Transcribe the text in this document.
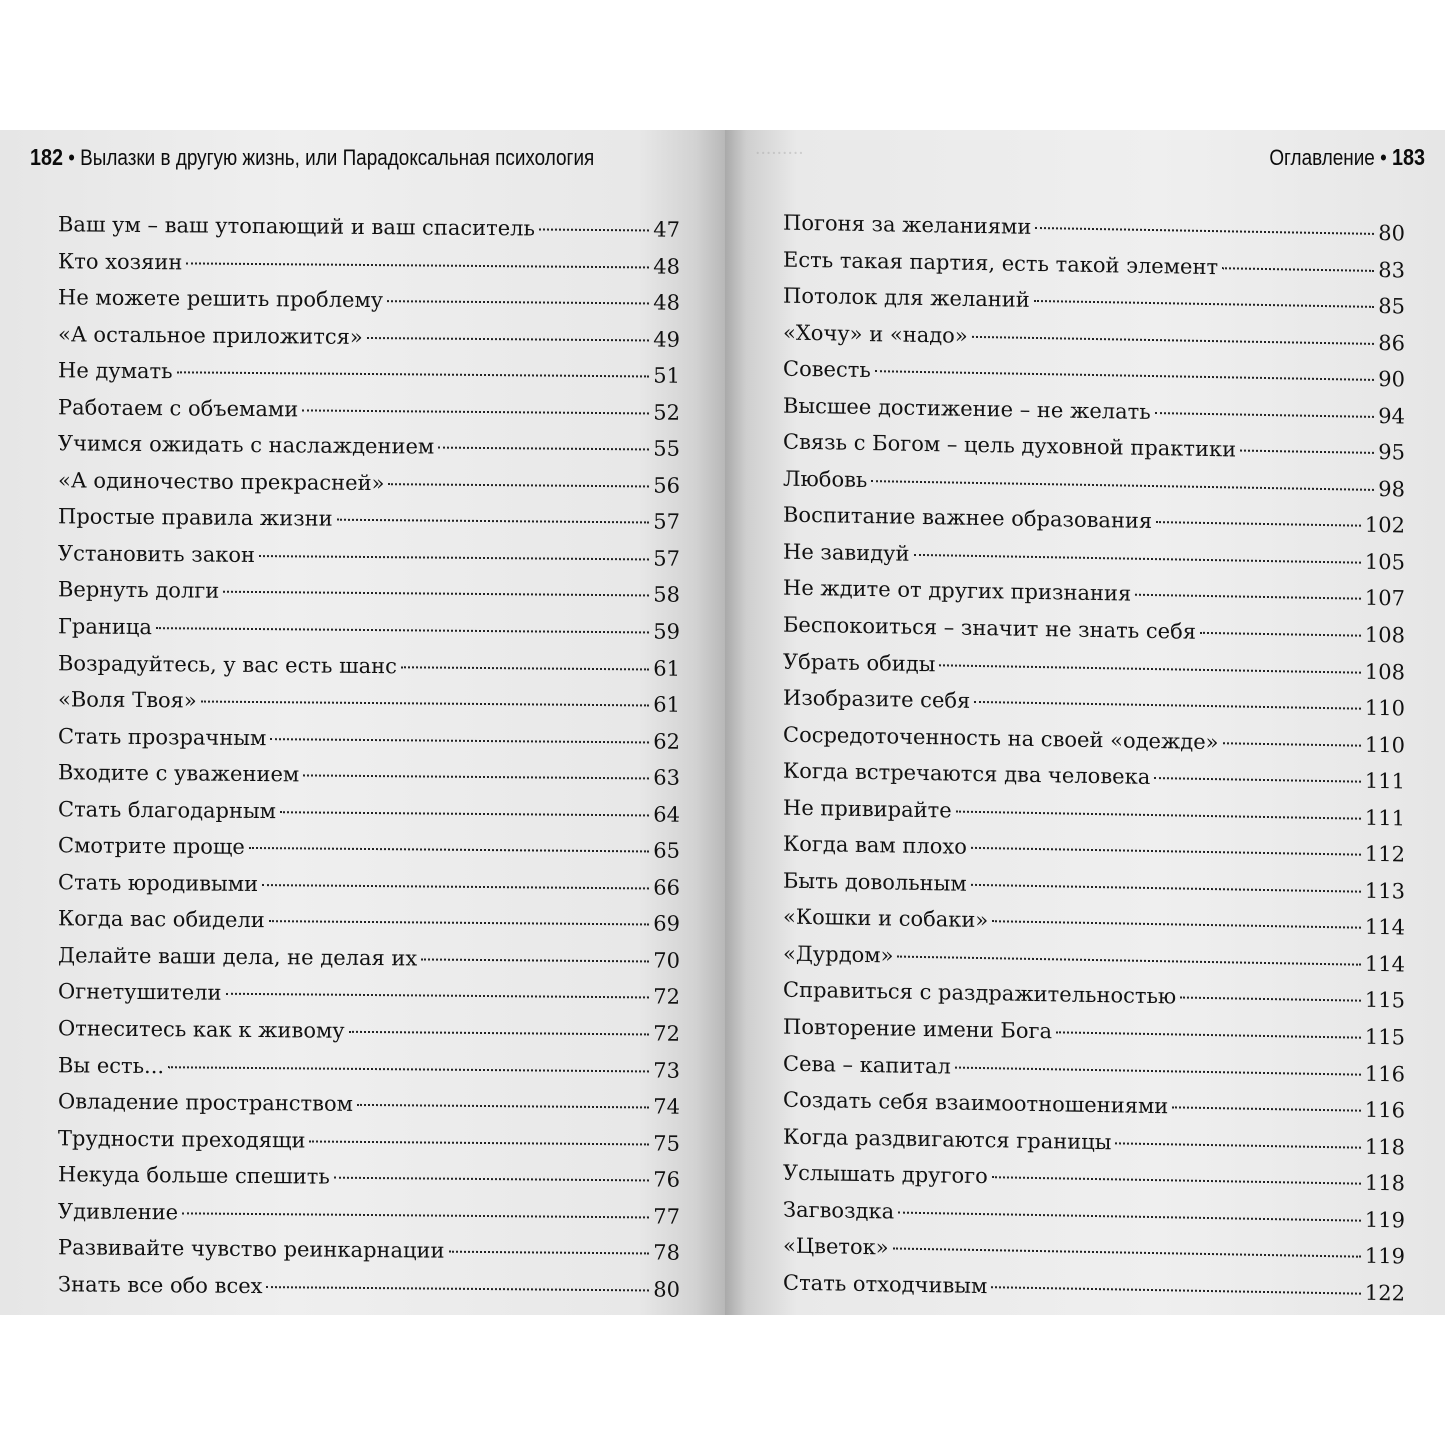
182 • Вылазки в другую жизнь, или Парадоксальная психология
Ваш ум – ваш утопающий и ваш спаситель	47
Кто хозяин	48
Не можете решить проблему	48
«А остальное приложится»	49
Не думать	51
Работаем с объемами	52
Учимся ожидать с наслаждением	55
«А одиночество прекрасней»	56
Простые правила жизни	57
Установить закон	57
Вернуть долги	58
Граница	59
Возрадуйтесь, у вас есть шанс	61
«Воля Твоя»	61
Стать прозрачным	62
Входите с уважением	63
Стать благодарным	64
Смотрите проще	65
Стать юродивыми	66
Когда вас обидели	69
Делайте ваши дела, не делая их	70
Огнетушители	72
Отнеситесь как к живому	72
Вы есть...	73
Овладение пространством	74
Трудности преходящи	75
Некуда больше спешить	76
Удивление	77
Развивайте чувство реинкарнации	78
Знать все обо всех	80
·········	Оглавление • 183
Погоня за желаниями	80
Есть такая партия, есть такой элемент	83
Потолок для желаний	85
«Хочу» и «надо»	86
Совесть	90
Высшее достижение – не желать	94
Связь с Богом – цель духовной практики	95
Любовь	98
Воспитание важнее образования	102
Не завидуй	105
Не ждите от других признания	107
Беспокоиться – значит не знать себя	108
Убрать обиды	108
Изобразите себя	110
Сосредоточенность на своей «одежде»	110
Когда встречаются два человека	111
Не привирайте	111
Когда вам плохо	112
Быть довольным	113
«Кошки и собаки»	114
«Дурдом»	114
Справиться с раздражительностью	115
Повторение имени Бога	115
Сева – капитал	116
Создать себя взаимоотношениями	116
Когда раздвигаются границы	118
Услышать другого	118
Загвоздка	119
«Цветок»	119
Стать отходчивым	122
